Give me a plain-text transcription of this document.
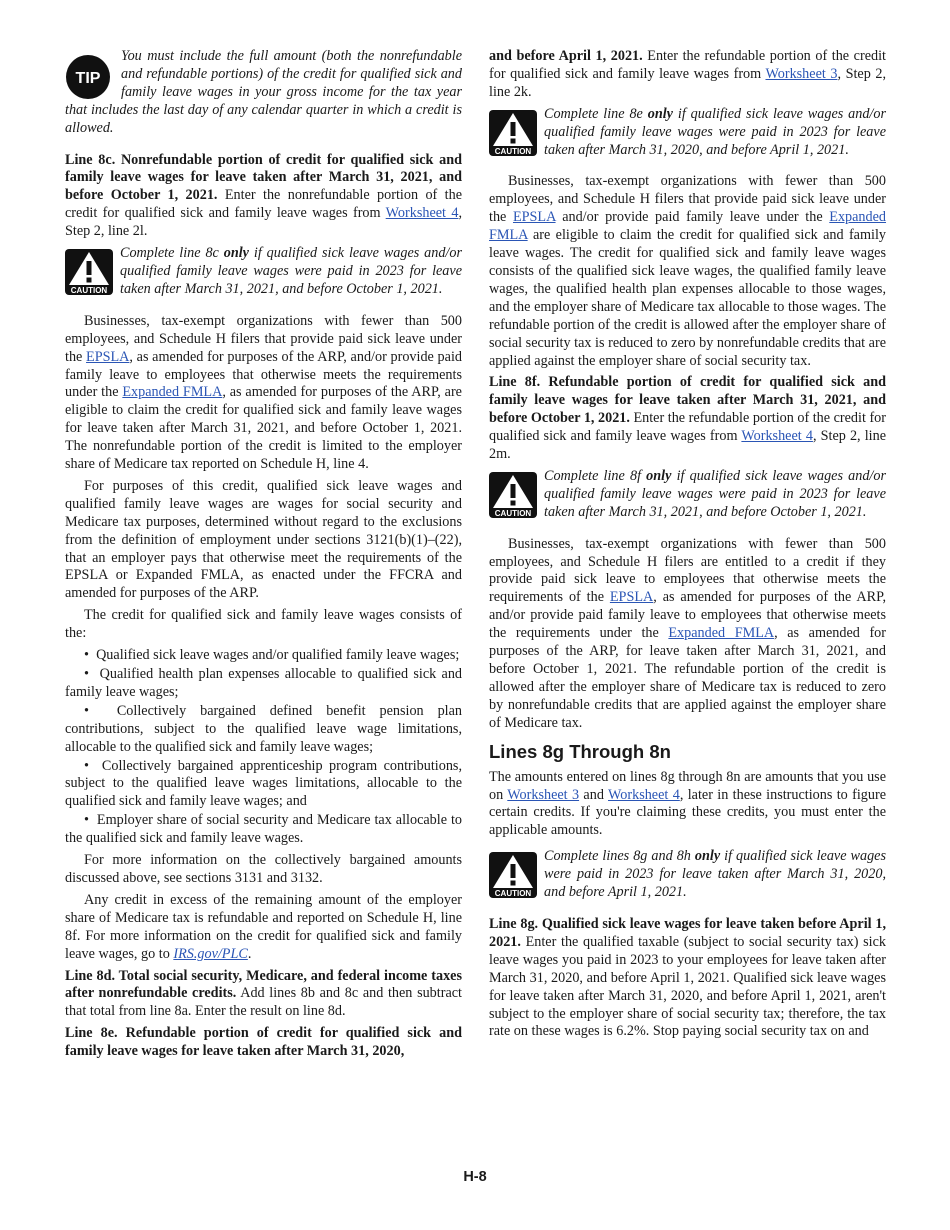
TIP

You must include the full amount (both the nonrefundable and refundable portions) of the credit for qualified sick and family leave wages in your gross income for the tax year that includes the last day of any calendar quarter in which a credit is allowed.

Line 8c. Nonrefundable portion of credit for qualified sick and family leave wages for leave taken after March 31, 2021, and before October 1, 2021. Enter the nonrefundable portion of the credit for qualified sick and family leave wages from Worksheet 4, Step 2, line 2l.

CAUTION

Complete line 8c only if qualified sick leave wages and/or qualified family leave wages were paid in 2023 for leave taken after March 31, 2021, and before October 1, 2021.

Businesses, tax-exempt organizations with fewer than 500 employees, and Schedule H filers that provide paid sick leave under the EPSLA, as amended for purposes of the ARP, and/or provide paid family leave to employees that otherwise meets the requirements under the Expanded FMLA, as amended for purposes of the ARP, are eligible to claim the credit for qualified sick and family leave wages for leave taken after March 31, 2021, and before October 1, 2021. The nonrefundable portion of the credit is limited to the employer share of Medicare tax reported on Schedule H, line 4.

For purposes of this credit, qualified sick leave wages and qualified family leave wages are wages for social security and Medicare tax purposes, determined without regard to the exclusions from the definition of employment under sections 3121(b)(1)–(22), that an employer pays that otherwise meet the requirements of the EPSLA or Expanded FMLA, as enacted under the FFCRA and amended for purposes of the ARP.

The credit for qualified sick and family leave wages consists of the:

•  Qualified sick leave wages and/or qualified family leave wages;

•  Qualified health plan expenses allocable to qualified sick and family leave wages;

•  Collectively bargained defined benefit pension plan contributions, subject to the qualified leave wage limitations, allocable to the qualified sick and family leave wages;

•  Collectively bargained apprenticeship program contributions, subject to the qualified leave wages limitations, allocable to the qualified sick and family leave wages; and

•  Employer share of social security and Medicare tax allocable to the qualified sick and family leave wages.

For more information on the collectively bargained amounts discussed above, see sections 3131 and 3132.

Any credit in excess of the remaining amount of the employer share of Medicare tax is refundable and reported on Schedule H, line 8f. For more information on the credit for qualified sick and family leave wages, go to IRS.gov/PLC.

Line 8d. Total social security, Medicare, and federal income taxes after nonrefundable credits. Add lines 8b and 8c and then subtract that total from line 8a. Enter the result on line 8d.

Line 8e. Refundable portion of credit for qualified sick and family leave wages for leave taken after March 31, 2020,

and before April 1, 2021. Enter the refundable portion of the credit for qualified sick and family leave wages from Worksheet 3, Step 2, line 2k.

CAUTION

Complete line 8e only if qualified sick leave wages and/or qualified family leave wages were paid in 2023 for leave taken after March 31, 2020, and before April 1, 2021.

Businesses, tax-exempt organizations with fewer than 500 employees, and Schedule H filers that provide paid sick leave under the EPSLA and/or provide paid family leave under the Expanded FMLA are eligible to claim the credit for qualified sick and family leave wages. The credit for qualified sick and family leave wages consists of the qualified sick leave wages, the qualified family leave wages, the qualified health plan expenses allocable to those wages, and the employer share of Medicare tax allocable to those wages. The refundable portion of the credit is allowed after the employer share of social security tax is reduced to zero by nonrefundable credits that are applied against the employer share of social security tax.

Line 8f. Refundable portion of credit for qualified sick and family leave wages for leave taken after March 31, 2021, and before October 1, 2021. Enter the refundable portion of the credit for qualified sick and family leave wages from Worksheet 4, Step 2, line 2m.

CAUTION

Complete line 8f only if qualified sick leave wages and/or qualified family leave wages were paid in 2023 for leave taken after March 31, 2021, and before October 1, 2021.

Businesses, tax-exempt organizations with fewer than 500 employees, and Schedule H filers are entitled to a credit if they provide paid sick leave to employees that otherwise meets the requirements of the EPSLA, as amended for purposes of the ARP, and/or provide paid family leave to employees that otherwise meets the requirements under the Expanded FMLA, as amended for purposes of the ARP, for leave taken after March 31, 2021, and before October 1, 2021. The refundable portion of the credit is allowed after the employer share of Medicare tax is reduced to zero by nonrefundable credits that are applied against the employer share of Medicare tax.

Lines 8g Through 8n

The amounts entered on lines 8g through 8n are amounts that you use on Worksheet 3 and Worksheet 4, later in these instructions to figure certain credits. If you're claiming these credits, you must enter the applicable amounts.

CAUTION

Complete lines 8g and 8h only if qualified sick leave wages were paid in 2023 for leave taken after March 31, 2020, and before April 1, 2021.

Line 8g. Qualified sick leave wages for leave taken before April 1, 2021. Enter the qualified taxable (subject to social security tax) sick leave wages you paid in 2023 to your employees for leave taken after March 31, 2020, and before April 1, 2021. Qualified sick leave wages for leave taken after March 31, 2020, and before April 1, 2021, aren't subject to the employer share of social security tax; therefore, the tax rate on these wages is 6.2%. Stop paying social security tax on and

H-8
